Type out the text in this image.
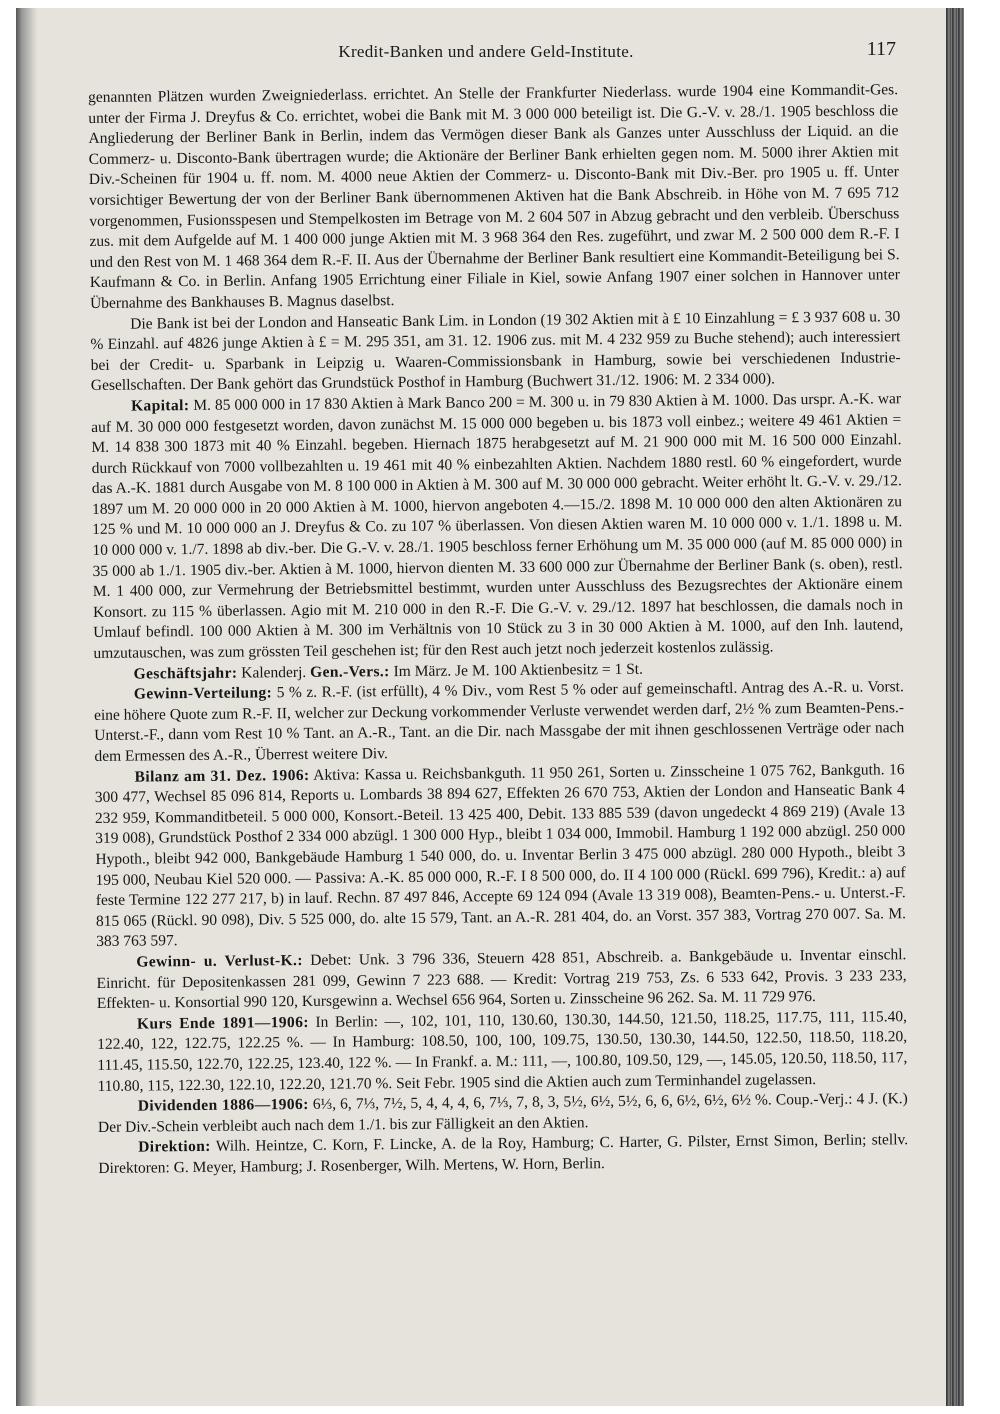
Kredit-Banken und andere Geld-Institute.	117

genannten Plätzen wurden Zweigniederlass. errichtet. An Stelle der Frankfurter Niederlass. wurde 1904 eine Kommandit-Ges. unter der Firma J. Dreyfus & Co. errichtet, wobei die Bank mit M. 3 000 000 beteiligt ist. Die G.-V. v. 28./1. 1905 beschloss die Angliederung der Berliner Bank in Berlin, indem das Vermögen dieser Bank als Ganzes unter Ausschluss der Liquid. an die Commerz- u. Disconto-Bank übertragen wurde; die Aktionäre der Berliner Bank erhielten gegen nom. M. 5000 ihrer Aktien mit Div.-Scheinen für 1904 u. ff. nom. M. 4000 neue Aktien der Commerz- u. Disconto-Bank mit Div.-Ber. pro 1905 u. ff. Unter vorsichtiger Bewertung der von der Berliner Bank übernommenen Aktiven hat die Bank Abschreib. in Höhe von M. 7 695 712 vorgenommen, Fusionsspesen und Stempelkosten im Betrage von M. 2 604 507 in Abzug gebracht und den verbleib. Überschuss zus. mit dem Aufgelde auf M. 1 400 000 junge Aktien mit M. 3 968 364 den Res. zugeführt, und zwar M. 2 500 000 dem R.-F. I und den Rest von M. 1 468 364 dem R.-F. II. Aus der Übernahme der Berliner Bank resultiert eine Kommandit-Beteiligung bei S. Kaufmann & Co. in Berlin. Anfang 1905 Errichtung einer Filiale in Kiel, sowie Anfang 1907 einer solchen in Hannover unter Übernahme des Bankhauses B. Magnus daselbst.

Die Bank ist bei der London and Hanseatic Bank Lim. in London (19 302 Aktien mit à £ 10 Einzahlung = £ 3 937 608 u. 30 % Einzahl. auf 4826 junge Aktien à £ = M. 295 351, am 31. 12. 1906 zus. mit M. 4 232 959 zu Buche stehend); auch interessiert bei der Credit- u. Sparbank in Leipzig u. Waaren-Commissionsbank in Hamburg, sowie bei verschiedenen Industrie-Gesellschaften. Der Bank gehört das Grundstück Posthof in Hamburg (Buchwert 31./12. 1906: M. 2 334 000).

Kapital: M. 85 000 000 in 17 830 Aktien à Mark Banco 200 = M. 300 u. in 79 830 Aktien à M. 1000. Das urspr. A.-K. war auf M. 30 000 000 festgesetzt worden, davon zunächst M. 15 000 000 begeben u. bis 1873 voll einbez.; weitere 49 461 Aktien = M. 14 838 300 1873 mit 40 % Einzahl. begeben. Hiernach 1875 herabgesetzt auf M. 21 900 000 mit M. 16 500 000 Einzahl. durch Rückkauf von 7000 vollbezahlten u. 19 461 mit 40 % einbezahlten Aktien. Nachdem 1880 restl. 60 % eingefordert, wurde das A.-K. 1881 durch Ausgabe von M. 8 100 000 in Aktien à M. 300 auf M. 30 000 000 gebracht. Weiter erhöht lt. G.-V. v. 29./12. 1897 um M. 20 000 000 in 20 000 Aktien à M. 1000, hiervon angeboten 4.—15./2. 1898 M. 10 000 000 den alten Aktionären zu 125 % und M. 10 000 000 an J. Dreyfus & Co. zu 107 % überlassen. Von diesen Aktien waren M. 10 000 000 v. 1./1. 1898 u. M. 10 000 000 v. 1./7. 1898 ab div.-ber. Die G.-V. v. 28./1. 1905 beschloss ferner Erhöhung um M. 35 000 000 (auf M. 85 000 000) in 35 000 ab 1./1. 1905 div.-ber. Aktien à M. 1000, hiervon dienten M. 33 600 000 zur Übernahme der Berliner Bank (s. oben), restl. M. 1 400 000, zur Vermehrung der Betriebsmittel bestimmt, wurden unter Ausschluss des Bezugsrechtes der Aktionäre einem Konsort. zu 115 % überlassen. Agio mit M. 210 000 in den R.-F. Die G.-V. v. 29./12. 1897 hat beschlossen, die damals noch in Umlauf befindl. 100 000 Aktien à M. 300 im Verhältnis von 10 Stück zu 3 in 30 000 Aktien à M. 1000, auf den Inh. lautend, umzutauschen, was zum grössten Teil geschehen ist; für den Rest auch jetzt noch jederzeit kostenlos zulässig.

Geschäftsjahr: Kalenderj. Gen.-Vers.: Im März. Je M. 100 Aktienbesitz = 1 St.

Gewinn-Verteilung: 5 % z. R.-F. (ist erfüllt), 4 % Div., vom Rest 5 % oder auf gemeinschaftl. Antrag des A.-R. u. Vorst. eine höhere Quote zum R.-F. II, welcher zur Deckung vorkommender Verluste verwendet werden darf, 2½ % zum Beamten-Pens.-Unterst.-F., dann vom Rest 10 % Tant. an A.-R., Tant. an die Dir. nach Massgabe der mit ihnen geschlossenen Verträge oder nach dem Ermessen des A.-R., Überrest weitere Div.

Bilanz am 31. Dez. 1906: Aktiva: Kassa u. Reichsbankguth. 11 950 261, Sorten u. Zinsscheine 1 075 762, Bankguth. 16 300 477, Wechsel 85 096 814, Reports u. Lombards 38 894 627, Effekten 26 670 753, Aktien der London and Hanseatic Bank 4 232 959, Kommanditbeteil. 5 000 000, Konsort.-Beteil. 13 425 400, Debit. 133 885 539 (davon ungedeckt 4 869 219) (Avale 13 319 008), Grundstück Posthof 2 334 000 abzügl. 1 300 000 Hyp., bleibt 1 034 000, Immobil. Hamburg 1 192 000 abzügl. 250 000 Hypoth., bleibt 942 000, Bankgebäude Hamburg 1 540 000, do. u. Inventar Berlin 3 475 000 abzügl. 280 000 Hypoth., bleibt 3 195 000, Neubau Kiel 520 000. — Passiva: A.-K. 85 000 000, R.-F. I 8 500 000, do. II 4 100 000 (Rückl. 699 796), Kredit.: a) auf feste Termine 122 277 217, b) in lauf. Rechn. 87 497 846, Accepte 69 124 094 (Avale 13 319 008), Beamten-Pens.- u. Unterst.-F. 815 065 (Rückl. 90 098), Div. 5 525 000, do. alte 15 579, Tant. an A.-R. 281 404, do. an Vorst. 357 383, Vortrag 270 007. Sa. M. 383 763 597.

Gewinn- u. Verlust-K.: Debet: Unk. 3 796 336, Steuern 428 851, Abschreib. a. Bankgebäude u. Inventar einschl. Einricht. für Depositenkassen 281 099, Gewinn 7 223 688. — Kredit: Vortrag 219 753, Zs. 6 533 642, Provis. 3 233 233, Effekten- u. Konsortial 990 120, Kursgewinn a. Wechsel 656 964, Sorten u. Zinsscheine 96 262. Sa. M. 11 729 976.

Kurs Ende 1891—1906: In Berlin: —, 102, 101, 110, 130.60, 130.30, 144.50, 121.50, 118.25, 117.75, 111, 115.40, 122.40, 122, 122.75, 122.25 %. — In Hamburg: 108.50, 100, 100, 109.75, 130.50, 130.30, 144.50, 122.50, 118.50, 118.20, 111.45, 115.50, 122.70, 122.25, 123.40, 122 %. — In Frankf. a. M.: 111, —, 100.80, 109.50, 129, —, 145.05, 120.50, 118.50, 117, 110.80, 115, 122.30, 122.10, 122.20, 121.70 %. Seit Febr. 1905 sind die Aktien auch zum Terminhandel zugelassen.

Dividenden 1886—1906: 6⅓, 6, 7⅓, 7½, 5, 4, 4, 4, 6, 7⅓, 7, 8, 3, 5½, 6½, 5½, 6, 6, 6½, 6½, 6½ %. Coup.-Verj.: 4 J. (K.) Der Div.-Schein verbleibt auch nach dem 1./1. bis zur Fälligkeit an den Aktien.

Direktion: Wilh. Heintze, C. Korn, F. Lincke, A. de la Roy, Hamburg; C. Harter, G. Pilster, Ernst Simon, Berlin; stellv. Direktoren: G. Meyer, Hamburg; J. Rosenberger, Wilh. Mertens, W. Horn, Berlin.
